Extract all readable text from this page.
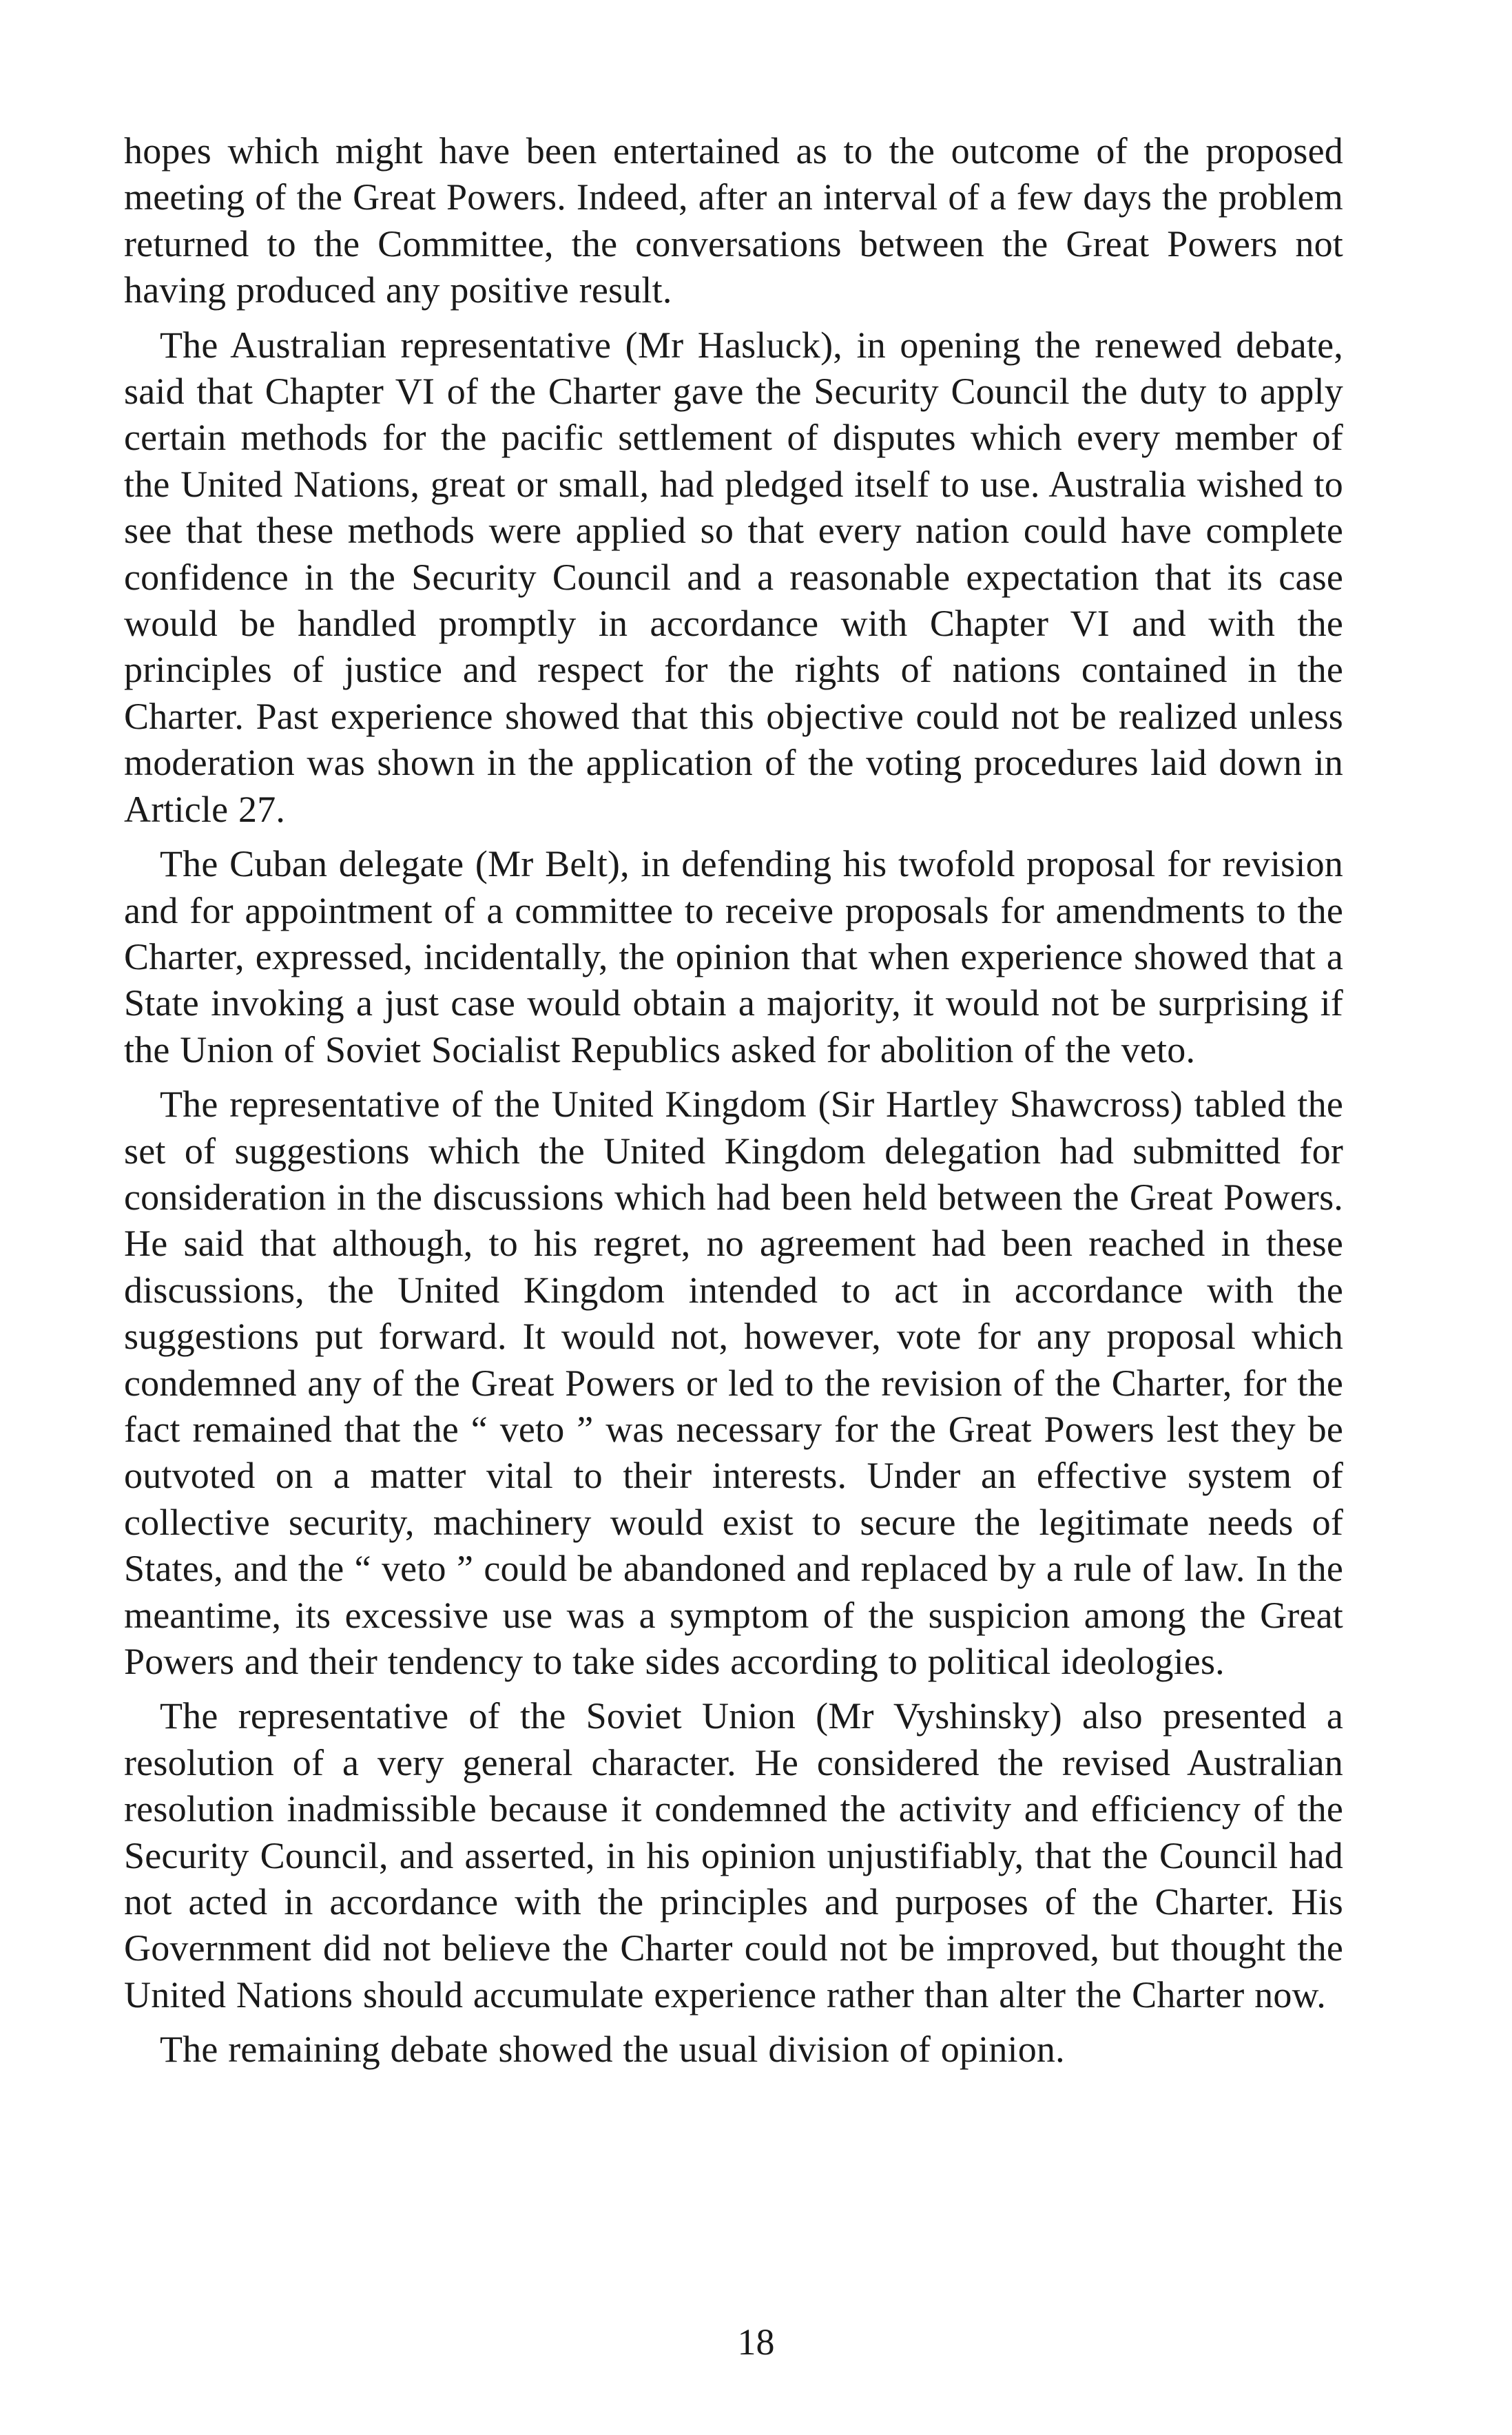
hopes which might have been entertained as to the outcome of the proposed meeting of the Great Powers. Indeed, after an interval of a few days the problem returned to the Committee, the conversations between the Great Powers not having produced any positive result.

The Australian representative (Mr Hasluck), in opening the renewed debate, said that Chapter VI of the Charter gave the Security Council the duty to apply certain methods for the pacific settlement of disputes which every member of the United Nations, great or small, had pledged itself to use. Australia wished to see that these methods were applied so that every nation could have complete confidence in the Security Council and a reasonable expectation that its case would be handled promptly in accordance with Chapter VI and with the principles of justice and respect for the rights of nations contained in the Charter. Past experience showed that this objective could not be realized unless moderation was shown in the application of the voting procedures laid down in Article 27.

The Cuban delegate (Mr Belt), in defending his twofold proposal for revision and for appointment of a committee to receive proposals for amendments to the Charter, expressed, incidentally, the opinion that when experience showed that a State invoking a just case would obtain a majority, it would not be surprising if the Union of Soviet Socialist Republics asked for abolition of the veto.

The representative of the United Kingdom (Sir Hartley Shawcross) tabled the set of suggestions which the United Kingdom delegation had submitted for consideration in the discussions which had been held between the Great Powers. He said that although, to his regret, no agreement had been reached in these discussions, the United Kingdom intended to act in accordance with the suggestions put forward. It would not, however, vote for any proposal which condemned any of the Great Powers or led to the revision of the Charter, for the fact remained that the “ veto ” was necessary for the Great Powers lest they be outvoted on a matter vital to their interests. Under an effective system of collective security, machinery would exist to secure the legitimate needs of States, and the “ veto ” could be abandoned and replaced by a rule of law. In the meantime, its excessive use was a symptom of the suspicion among the Great Powers and their tendency to take sides according to political ideologies.

The representative of the Soviet Union (Mr Vyshinsky) also presented a resolution of a very general character. He considered the revised Australian resolution inadmissible because it condemned the activity and efficiency of the Security Council, and asserted, in his opinion unjustifiably, that the Council had not acted in accordance with the principles and purposes of the Charter. His Government did not believe the Charter could not be improved, but thought the United Nations should accumulate experience rather than alter the Charter now.

The remaining debate showed the usual division of opinion.

18
